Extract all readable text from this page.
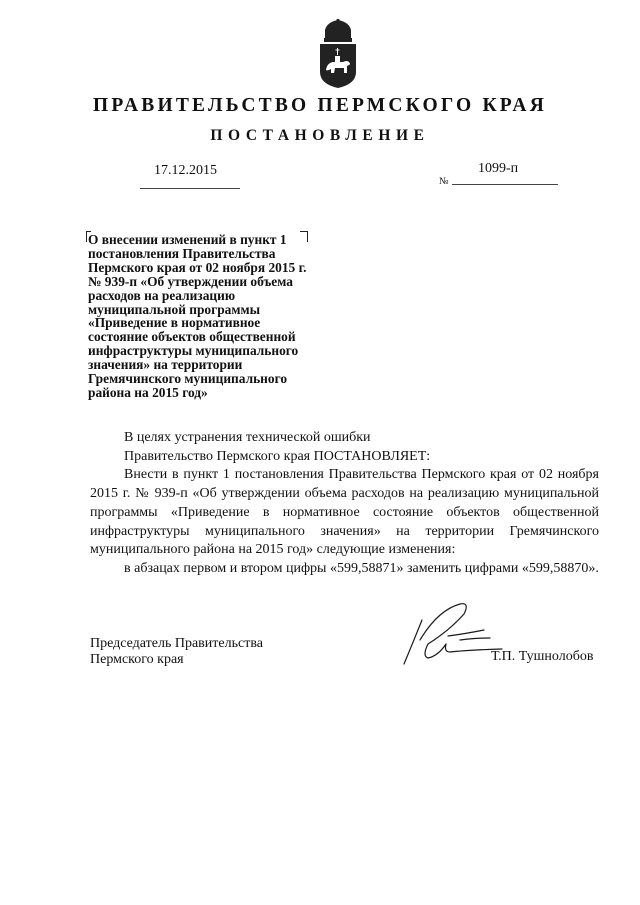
ПРАВИТЕЛЬСТВО ПЕРМСКОГО КРАЯ
ПОСТАНОВЛЕНИЕ
17.12.2015
№
1099-п
О внесении изменений в пункт 1
постановления Правительства
Пермского края от 02 ноября 2015 г.
№ 939-п «Об утверждении объема
расходов на реализацию
муниципальной программы
«Приведение в нормативное
состояние объектов общественной
инфраструктуры муниципального
значения» на территории
Гремячинского муниципального
района на 2015 год»

В целях устранения технической ошибки

Правительство Пермского края ПОСТАНОВЛЯЕТ:

Внести в пункт 1 постановления Правительства Пермского края от 02 ноября 2015 г. № 939-п «Об утверждении объема расходов на реализацию муниципальной программы «Приведение в нормативное состояние объектов общественной инфраструктуры муниципального значения» на территории Гремячинского муниципального района на 2015 год» следующие изменения:

в абзацах первом и втором цифры «599,58871» заменить цифрами «599,58870».

Председатель Правительства
Пермского края	Т.П. Тушнолобов
